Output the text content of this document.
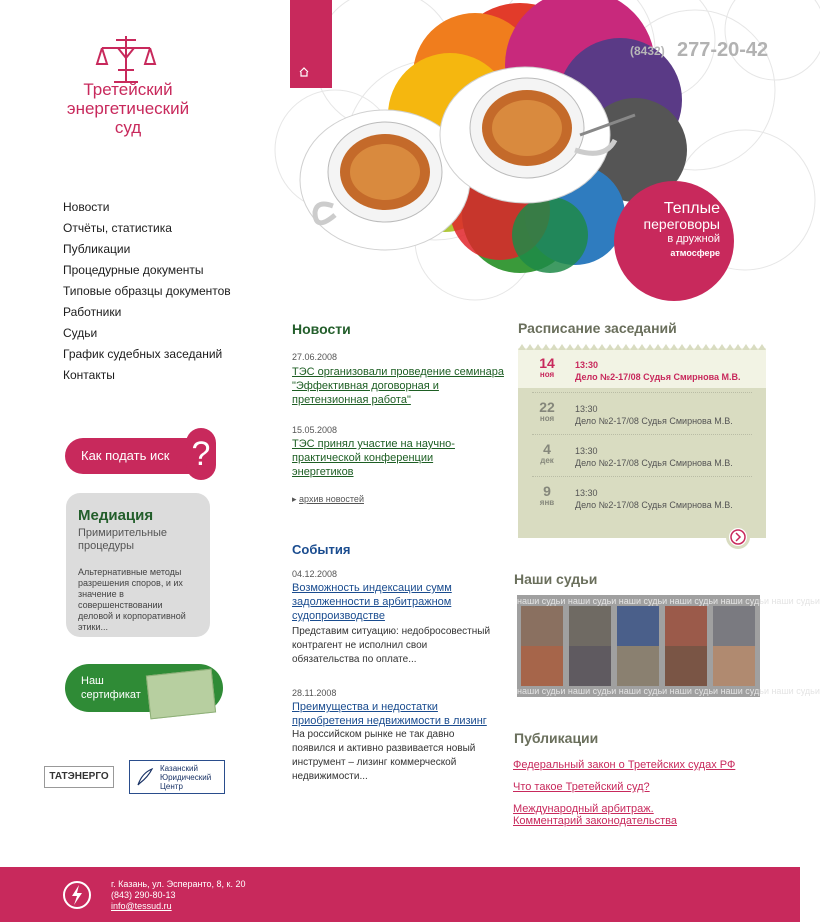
Третейский
энергетический
суд
Новости
Отчёты, статистика
Публикации
Процедурные документы
Типовые образцы документов
Работники
Судьи
График судебных заседаний
Контакты
(8432) 277-20-42
Теплые
переговоры
в дружной
атмосфере
Как подать иск ?
Медиация
Примирительные
процедуры
Альтернативные методы разрешения споров, и их значение в совершенствовании деловой и корпоративной этики...
Наш
сертификат
ТАТЭНЕРГО
Казанский
Юридический
Центр
Новости
27.06.2008
ТЭС организовали проведение семинара "Эффективная договорная и претензионная работа"
15.05.2008
ТЭС принял участие на научно-практической конференции энергетиков
▸ архив новостей
События
04.12.2008
Возможность индексации сумм задолженности в арбитражном судопроизводстве
Представим ситуацию: недобросовестный контрагент не исполнил свои обязательства по оплате...
28.11.2008
Преимущества и недостатки приобретения недвижимости в лизинг
На российском рынке не так давно появился и активно развивается новый инструмент – лизинг коммерческой недвижимости...
Расписание заседаний
14
ноя
13:30
Дело №2-17/08 Судья Смирнова М.В.
22
ноя
13:30
Дело №2-17/08 Судья Смирнова М.В.
4
дек
13:30
Дело №2-17/08 Судья Смирнова М.В.
9
янв
13:30
Дело №2-17/08 Судья Смирнова М.В.
Наши судьи
наши судьи наши судьи наши судьи наши судьи наши судьи наши судьи
наши судьи наши судьи наши судьи наши судьи наши судьи наши судьи
Публикации
Федеральный закон о Третейских судах РФ
Что такое Третейский суд?
Международный арбитраж.
Комментарий законодательства
г. Казань, ул. Эсперанто, 8, к. 20
(843) 290-80-13
info@tessud.ru
